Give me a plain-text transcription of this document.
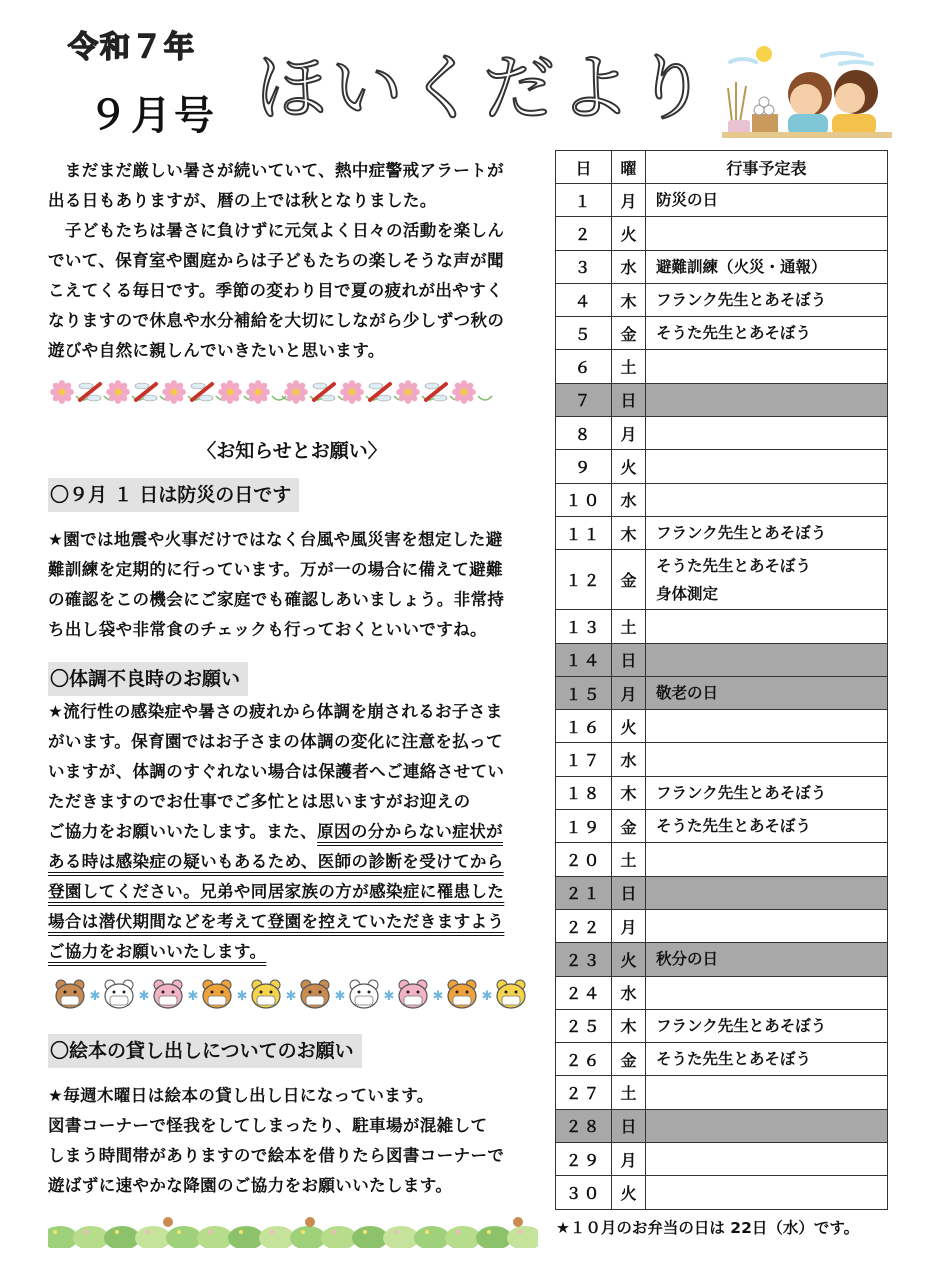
令和７年
９月号 ほいくだより

　まだまだ厳しい暑さが続いていて、熱中症警戒アラートが
出る日もありますが、暦の上では秋となりました。
　子どもたちは暑さに負けずに元気よく日々の活動を楽しん
でいて、保育室や園庭からは子どもたちの楽しそうな声が聞
こえてくる毎日です。季節の変わり目で夏の疲れが出やすく
なりますので休息や水分補給を大切にしながら少しずつ秋の
遊びや自然に親しんでいきたいと思います。

〈お知らせとお願い〉
〇９月 １ 日は防災の日です

★園では地震や火事だけではなく台風や風災害を想定した避
難訓練を定期的に行っています。万が一の場合に備えて避難
の確認をこの機会にご家庭でも確認しあいましょう。非常持
ち出し袋や非常食のチェックも行っておくといいですね。

〇体調不良時のお願い

★流行性の感染症や暑さの疲れから体調を崩されるお子さま
がいます。保育園ではお子さまの体調の変化に注意を払って
いますが、体調のすぐれない場合は保護者へご連絡させてい
ただきますのでお仕事でご多忙とは思いますがお迎えの
ご協力をお願いいたします。また、原因の分からない症状が
ある時は感染症の疑いもあるため、医師の診断を受けてから
登園してください。兄弟や同居家族の方が感染症に罹患した
場合は潜伏期間などを考えて登園を控えていただきますよう
ご協力をお願いいたします。

✱	✱	✱	✱	✱	✱	✱	✱	✱
〇絵本の貸し出しについてのお願い

★毎週木曜日は絵本の貸し出し日になっています。
図書コーナーで怪我をしてしまったり、駐車場が混雑して
しまう時間帯がありますので絵本を借りたら図書コーナーで
遊ばずに速やかな降園のご協力をお願いいたします。

日	曜	行事予定表
１	月	防災の日

２	火	
３	水	避難訓練（火災・通報）

４	木	フランク先生とあそぼう

５	金	そうた先生とあそぼう

６	土	
７	日	
８	月	
９	火	
１０	水	
１１	木	フランク先生とあそぼう

１２	金	そうた先生とあそぼう
身体測定

１３	土	
１４	日	
１５	月	敬老の日

１６	火	
１７	水	
１８	木	フランク先生とあそぼう

１９	金	そうた先生とあそぼう

２０	土	
２１	日	
２２	月	
２３	火	秋分の日

２４	水	
２５	木	フランク先生とあそぼう

２６	金	そうた先生とあそぼう

２７	土	
２８	日	
２９	月	
３０	火	
★１０月のお弁当の日は 22日（水）です。
